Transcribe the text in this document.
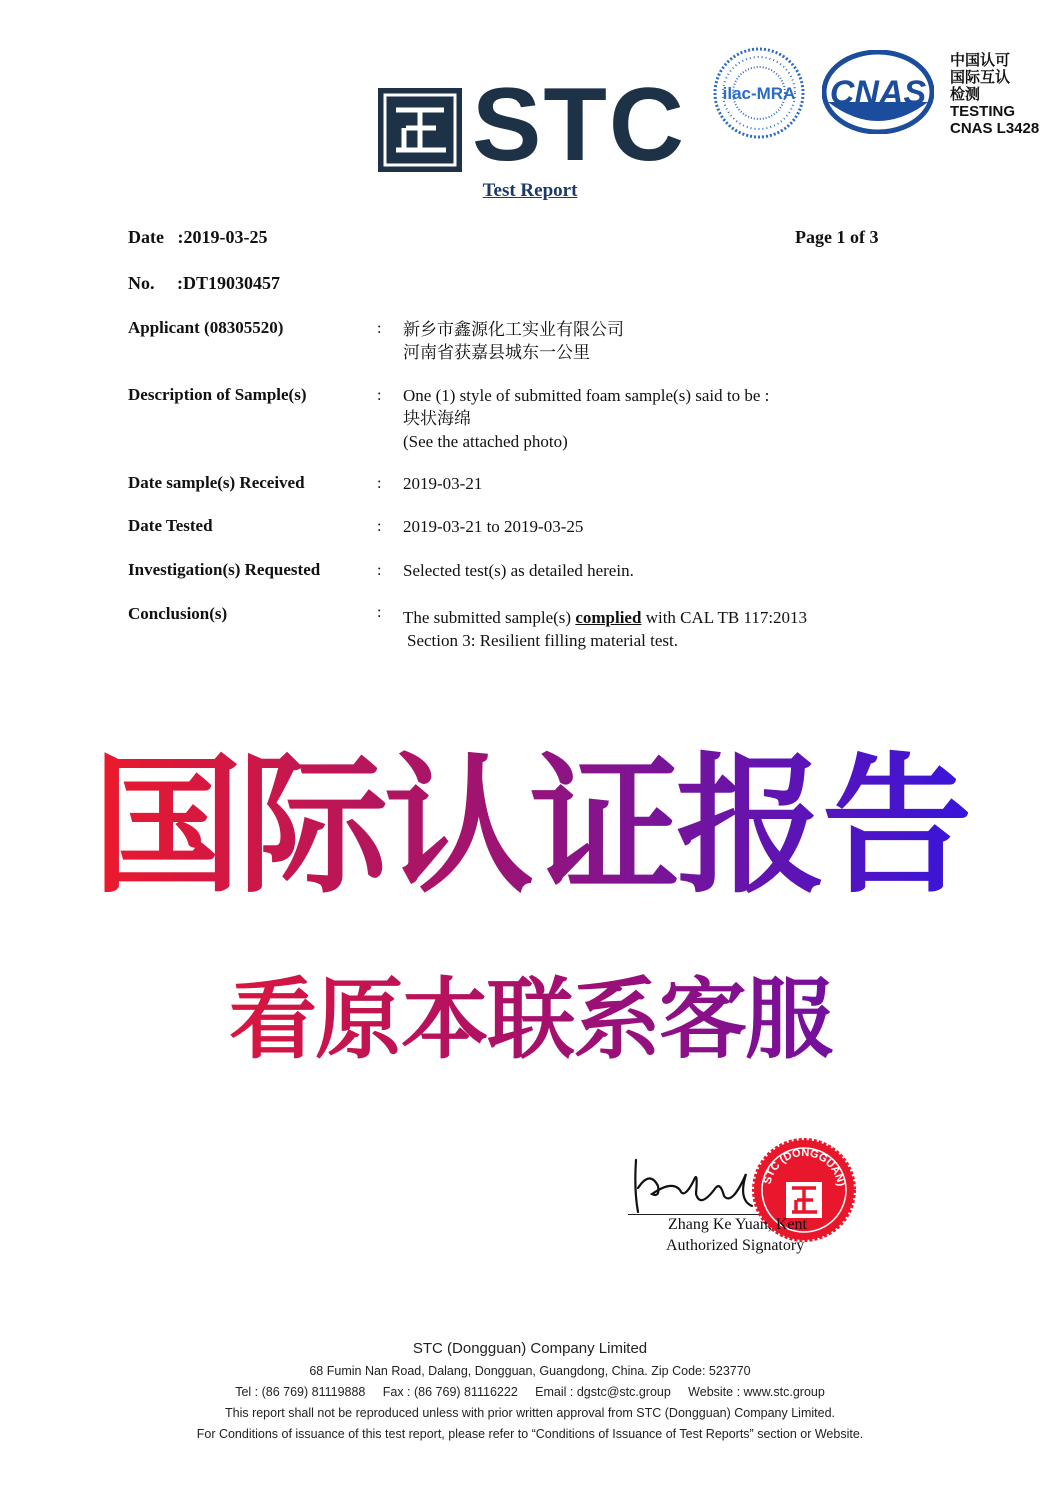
STC ilac-MRA CNAS
中国认可
国际互认
检测
TESTING
CNAS L3428
Test Report
Date :2019-03-25	Page 1 of 3
No. :DT19030457
Applicant (08305520)	: 新乡市鑫源化工实业有限公司
河南省获嘉县城东一公里
Description of Sample(s)	: One (1) style of submitted foam sample(s) said to be :
块状海绵
(See the attached photo)
Date sample(s) Received	: 2019-03-21
Date Tested	: 2019-03-21 to 2019-03-25
Investigation(s) Requested	: Selected test(s) as detailed herein.
Conclusion(s)	: The submitted sample(s) complied with CAL TB 117:2013
Section 3: Resilient filling material test.
国际认证报告
看原本联系客服
STC (DONGGUAN)
Zhang Ke Yuan, Kent
Authorized Signatory
STC (Dongguan) Company Limited
68 Fumin Nan Road, Dalang, Dongguan, Guangdong, China. Zip Code: 523770
Tel : (86 769) 81119888     Fax : (86 769) 81116222     Email : dgstc@stc.group     Website : www.stc.group
This report shall not be reproduced unless with prior written approval from STC (Dongguan) Company Limited.
For Conditions of issuance of this test report, please refer to “Conditions of Issuance of Test Reports” section or Website.
